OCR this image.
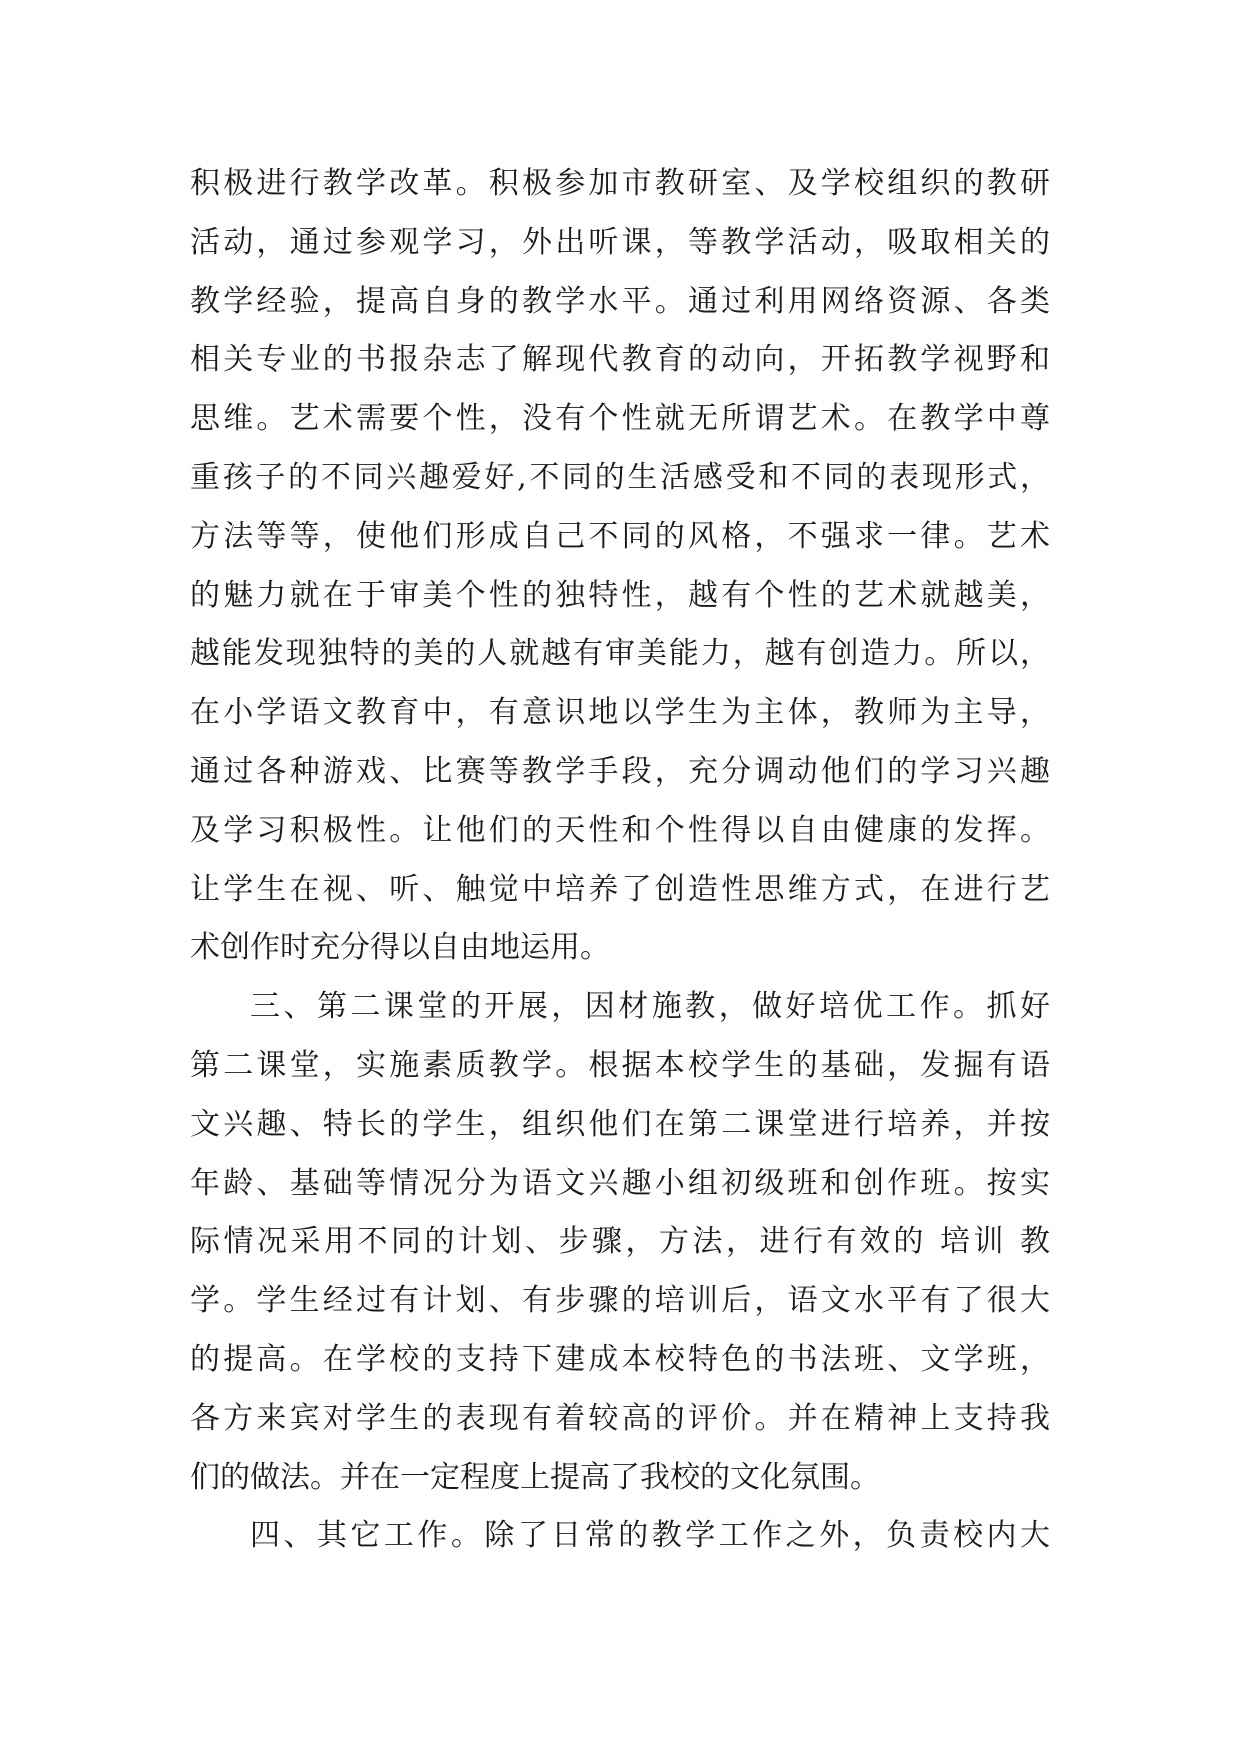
积极进行教学改革。积极参加市教研室、及学校组织的教研
活动，通过参观学习，外出听课，等教学活动，吸取相关的
教学经验，提高自身的教学水平。通过利用网络资源、各类
相关专业的书报杂志了解现代教育的动向，开拓教学视野和
思维。艺术需要个性，没有个性就无所谓艺术。在教学中尊
重孩子的不同兴趣爱好,不同的生活感受和不同的表现形式，
方法等等，使他们形成自己不同的风格，不强求一律。艺术
的魅力就在于审美个性的独特性，越有个性的艺术就越美，
越能发现独特的美的人就越有审美能力，越有创造力。所以，
在小学语文教育中，有意识地以学生为主体，教师为主导，
通过各种游戏、比赛等教学手段，充分调动他们的学习兴趣
及学习积极性。让他们的天性和个性得以自由健康的发挥。
让学生在视、听、触觉中培养了创造性思维方式，在进行艺
术创作时充分得以自由地运用。
三、第二课堂的开展，因材施教，做好培优工作。抓好
第二课堂，实施素质教学。根据本校学生的基础，发掘有语
文兴趣、特长的学生，组织他们在第二课堂进行培养，并按
年龄、基础等情况分为语文兴趣小组初级班和创作班。按实
际情况采用不同的计划、步骤，方法，进行有效的 培训 教
学。学生经过有计划、有步骤的培训后，语文水平有了很大
的提高。在学校的支持下建成本校特色的书法班、文学班，
各方来宾对学生的表现有着较高的评价。并在精神上支持我
们的做法。并在一定程度上提高了我校的文化氛围。
四、其它工作。除了日常的教学工作之外，负责校内大
